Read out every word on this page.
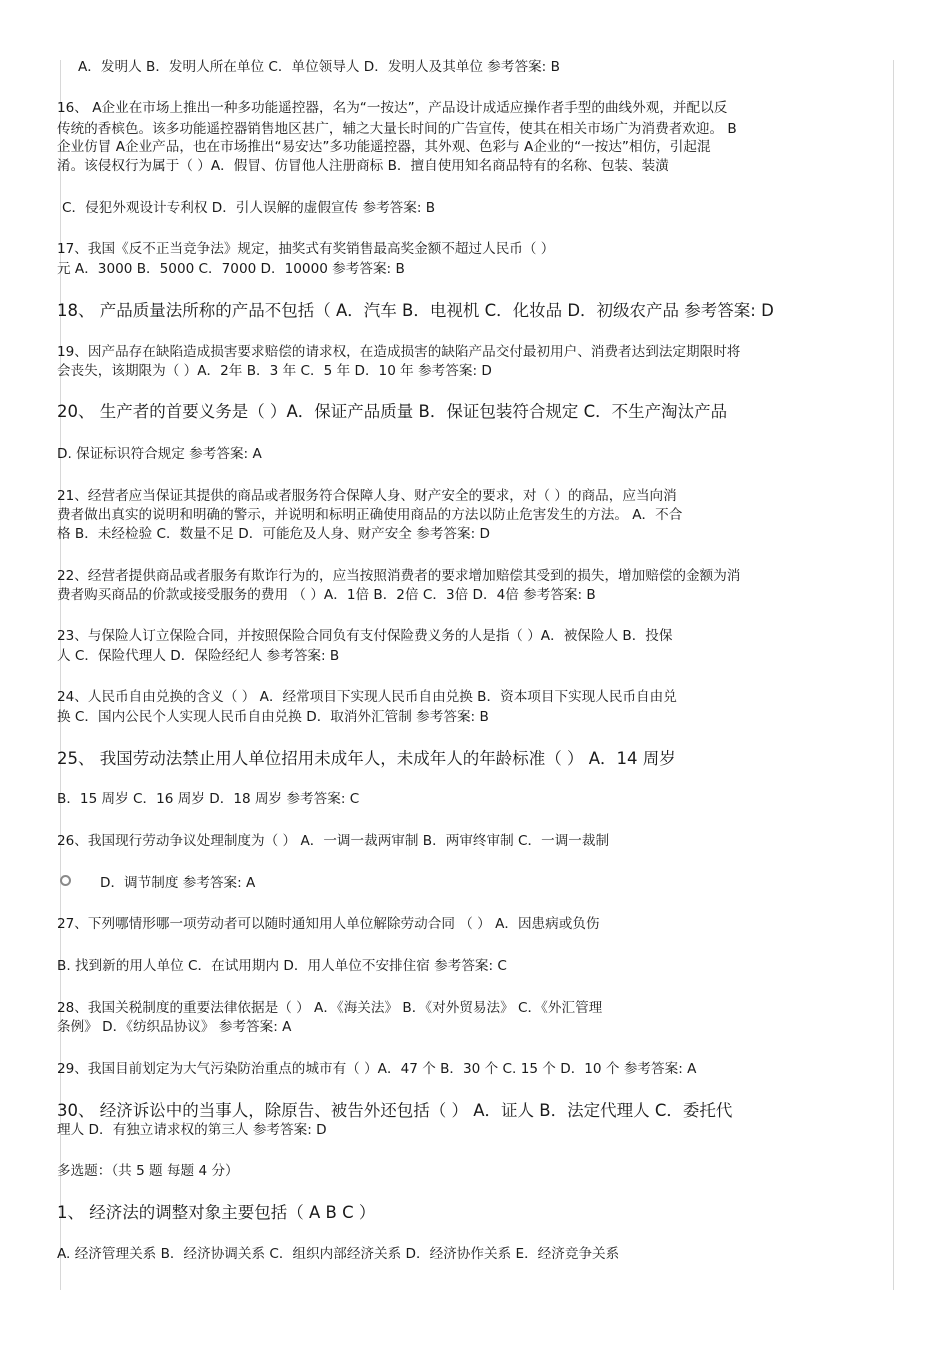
A．发明人 B．发明人所在单位 C．单位领导人 D．发明人及其单位 参考答案: B
16、 A企业在市场上推出一种多功能遥控器，名为“一按达”，产品设计成适应操作者手型的曲线外观，并配以反
传统的香槟色。该多功能遥控器销售地区甚广，辅之大量长时间的广告宣传，使其在相关市场广为消费者欢迎。 B
企业仿冒 A企业产品，也在市场推出“易安达”多功能遥控器，其外观、色彩与 A企业的“一按达”相仿，引起混
淆。该侵权行为属于（ ）A．假冒、仿冒他人注册商标 B．擅自使用知名商品特有的名称、包装、装潢
C．侵犯外观设计专利权 D．引人误解的虚假宣传 参考答案: B
17、我国《反不正当竞争法》规定，抽奖式有奖销售最高奖金额不超过人民币（ ）
元 A．3000 B．5000 C．7000 D．10000 参考答案: B
18、 产品质量法所称的产品不包括（ A．汽车 B．电视机 C．化妆品 D．初级农产品 参考答案: D
19、因产品存在缺陷造成损害要求赔偿的请求权，在造成损害的缺陷产品交付最初用户、消费者达到法定期限时将
会丧失，该期限为（ ）A．2年 B．3 年 C．5 年 D．10 年 参考答案: D
20、 生产者的首要义务是（ ）A．保证产品质量 B．保证包装符合规定 C．不生产淘汰产品
D. 保证标识符合规定 参考答案: A
21、经营者应当保证其提供的商品或者服务符合保障人身、财产安全的要求，对（ ）的商品，应当向消
费者做出真实的说明和明确的警示，并说明和标明正确使用商品的方法以防止危害发生的方法。 A．不合
格 B．未经检验 C．数量不足 D．可能危及人身、财产安全 参考答案: D
22、经营者提供商品或者服务有欺诈行为的，应当按照消费者的要求增加赔偿其受到的损失，增加赔偿的金额为消
费者购买商品的价款或接受服务的费用 （ ）A．1倍 B．2倍 C．3倍 D．4倍 参考答案: B
23、与保险人订立保险合同，并按照保险合同负有支付保险费义务的人是指（ ）A．被保险人 B．投保
人 C．保险代理人 D．保险经纪人 参考答案: B
24、人民币自由兑换的含义（ ） A．经常项目下实现人民币自由兑换 B．资本项目下实现人民币自由兑
换 C．国内公民个人实现人民币自由兑换 D．取消外汇管制 参考答案: B
25、 我国劳动法禁止用人单位招用未成年人，未成年人的年龄标准（ ） A．14 周岁
B．15 周岁 C．16 周岁 D．18 周岁 参考答案: C
26、我国现行劳动争议处理制度为（ ） A．一调一裁两审制 B．两审终审制 C．一调一裁制
D．调节制度 参考答案: A
27、下列哪情形哪一项劳动者可以随时通知用人单位解除劳动合同 （ ） A．因患病或负伤
B. 找到新的用人单位 C．在试用期内 D．用人单位不安排住宿 参考答案: C
28、我国关税制度的重要法律依据是（ ） A．《海关法》 B．《对外贸易法》 C．《外汇管理
条例》 D．《纺织品协议》 参考答案: A
29、我国目前划定为大气污染防治重点的城市有（ ）A．47 个 B．30 个 C. 15 个 D．10 个 参考答案: A
30、 经济诉讼中的当事人，除原告、被告外还包括（ ） A．证人 B．法定代理人 C．委托代
理人 D．有独立请求权的第三人 参考答案: D
多选题：（共 5 题 每题 4 分）
1、 经济法的调整对象主要包括（ A B C ）
A. 经济管理关系 B．经济协调关系 C．组织内部经济关系 D．经济协作关系 E．经济竞争关系
